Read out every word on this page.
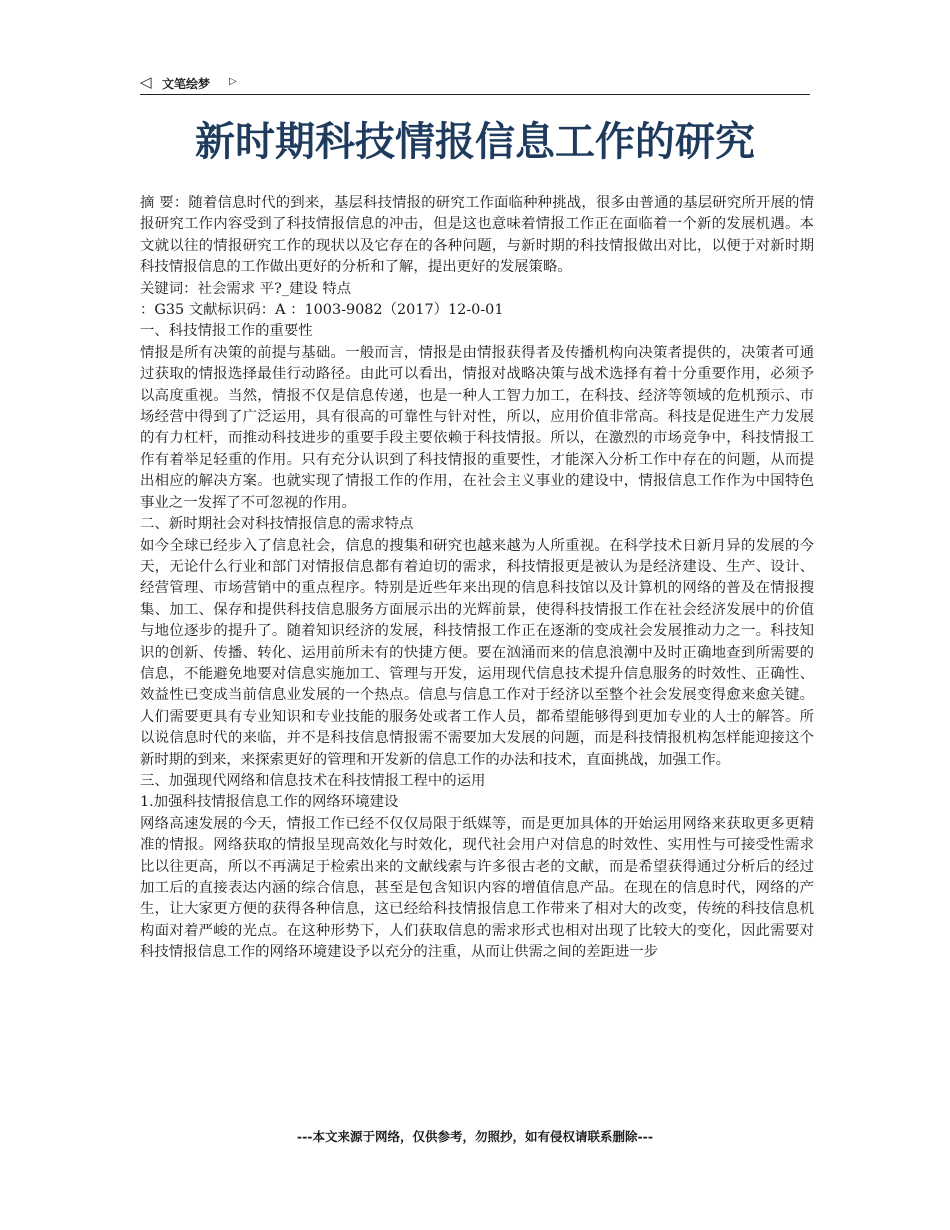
◁ 文笔绘梦 ▷
新时期科技情报信息工作的研究

摘 要：随着信息时代的到来，基层科技情报的研究工作面临种种挑战，很多由普通的基层研究所开展的情报研究工作内容受到了科技情报信息的冲击，但是这也意味着情报工作正在面临着一个新的发展机遇。本文就以往的情报研究工作的现状以及它存在的各种问题，与新时期的科技情报做出对比，以便于对新时期科技情报信息的工作做出更好的分析和了解，提出更好的发展策略。

关键词：社会需求 平?_建设 特点

：G35 文献标识码：A ：1003-9082（2017）12-0-01

一、科技情报工作的重要性

情报是所有决策的前提与基础。一般而言，情报是由情报获得者及传播机构向决策者提供的，决策者可通过获取的情报选择最佳行动路径。由此可以看出，情报对战略决策与战术选择有着十分重要作用，必须予以高度重视。当然，情报不仅是信息传递，也是一种人工智力加工，在科技、经济等领域的危机预示、市场经营中得到了广泛运用，具有很高的可靠性与针对性，所以，应用价值非常高。科技是促进生产力发展的有力杠杆，而推动科技进步的重要手段主要依赖于科技情报。所以，在激烈的市场竞争中，科技情报工作有着举足轻重的作用。只有充分认识到了科技情报的重要性，才能深入分析工作中存在的问题，从而提出相应的解决方案。也就实现了情报工作的作用，在社会主义事业的建设中，情报信息工作作为中国特色事业之一发挥了不可忽视的作用。

二、新时期社会对科技情报信息的需求特点

如今全球已经步入了信息社会，信息的搜集和研究也越来越为人所重视。在科学技术日新月异的发展的今天，无论什么行业和部门对情报信息都有着迫切的需求，科技情报更是被认为是经济建设、生产、设计、经营管理、市场营销中的重点程序。特别是近些年来出现的信息科技馆以及计算机的网络的普及在情报搜集、加工、保存和提供科技信息服务方面展示出的光辉前景，使得科技情报工作在社会经济发展中的价值与地位逐步的提升了。随着知识经济的发展，科技情报工作正在逐渐的变成社会发展推动力之一。科技知识的创新、传播、转化、运用前所未有的快捷方便。要在汹涌而来的信息浪潮中及时正确地查到所需要的信息，不能避免地要对信息实施加工、管理与开发，运用现代信息技术提升信息服务的时效性、正确性、效益性已变成当前信息业发展的一个热点。信息与信息工作对于经济以至整个社会发展变得愈来愈关键。人们需要更具有专业知识和专业技能的服务处或者工作人员，都希望能够得到更加专业的人士的解答。所以说信息时代的来临，并不是科技信息情报需不需要加大发展的问题，而是科技情报机构怎样能迎接这个新时期的到来，来探索更好的管理和开发新的信息工作的办法和技术，直面挑战，加强工作。

三、加强现代网络和信息技术在科技情报工程中的运用

1.加强科技情报信息工作的网络环境建设

网络高速发展的今天，情报工作已经不仅仅局限于纸媒等，而是更加具体的开始运用网络来获取更多更精准的情报。网络获取的情报呈现高效化与时效化，现代社会用户对信息的时效性、实用性与可接受性需求比以往更高，所以不再满足于检索出来的文献线索与许多很古老的文献，而是希望获得通过分析后的经过加工后的直接表达内涵的综合信息，甚至是包含知识内容的增值信息产品。在现在的信息时代，网络的产生，让大家更方便的获得各种信息，这已经给科技情报信息工作带来了相对大的改变，传统的科技信息机构面对着严峻的光点。在这种形势下，人们获取信息的需求形式也相对出现了比较大的变化，因此需要对科技情报信息工作的网络环境建设予以充分的注重，从而让供需之间的差距进一步

---本文来源于网络，仅供参考，勿照抄，如有侵权请联系删除---
